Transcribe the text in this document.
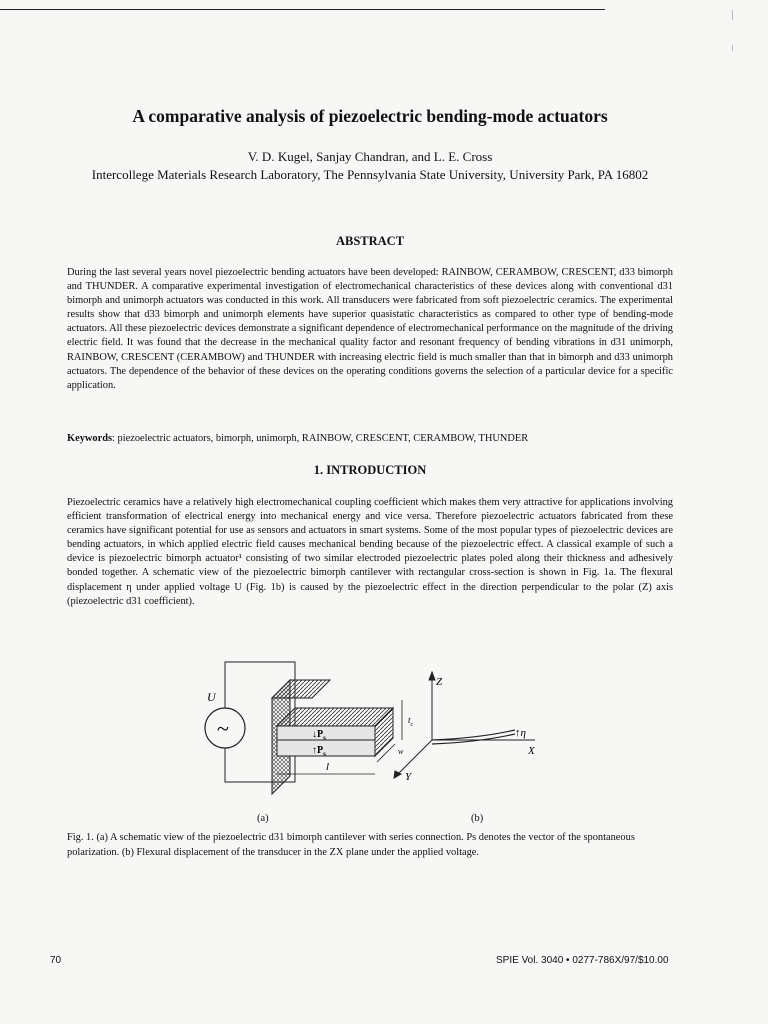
A comparative analysis of piezoelectric bending-mode actuators
V. D. Kugel, Sanjay Chandran, and L. E. Cross
Intercollege Materials Research Laboratory, The Pennsylvania State University, University Park, PA 16802
ABSTRACT
During the last several years novel piezoelectric bending actuators have been developed: RAINBOW, CERAMBOW, CRESCENT, d33 bimorph and THUNDER. A comparative experimental investigation of electromechanical characteristics of these devices along with conventional d31 bimorph and unimorph actuators was conducted in this work. All transducers were fabricated from soft piezoelectric ceramics. The experimental results show that d33 bimorph and unimorph elements have superior quasistatic characteristics as compared to other type of bending-mode actuators. All these piezoelectric devices demonstrate a significant dependence of electromechanical performance on the magnitude of the driving electric field. It was found that the decrease in the mechanical quality factor and resonant frequency of bending vibrations in d31 unimorph, RAINBOW, CRESCENT (CERAMBOW) and THUNDER with increasing electric field is much smaller than that in bimorph and d33 unimorph actuators. The dependence of the behavior of these devices on the operating conditions governs the selection of a particular device for a specific application.
Keywords: piezoelectric actuators, bimorph, unimorph, RAINBOW, CRESCENT, CERAMBOW, THUNDER
1. INTRODUCTION
Piezoelectric ceramics have a relatively high electromechanical coupling coefficient which makes them very attractive for applications involving efficient transformation of electrical energy into mechanical energy and vice versa. Therefore piezoelectric actuators fabricated from these ceramics have significant potential for use as sensors and actuators in smart systems. Some of the most popular types of piezoelectric devices are bending actuators, in which applied electric field causes mechanical bending because of the piezoelectric effect. A classical example of such a device is piezoelectric bimorph actuator¹ consisting of two similar electroded piezoelectric plates poled along their thickness and adhesively bonded together. A schematic view of the piezoelectric bimorph cantilever with rectangular cross-section is shown in Fig. 1a. The flexural displacement η under applied voltage U (Fig. 1b) is caused by the piezoelectric effect in the direction perpendicular to the polar (Z) axis (piezoelectric d31 coefficient).
~
U
$↓P_s$
$↑P_s$
$t_c$
w
l
Z
X
Y
↑η
(a)	(b)
Fig. 1. (a) A schematic view of the piezoelectric d31 bimorph cantilever with series connection. Ps denotes the vector of the spontaneous polarization. (b) Flexural displacement of the transducer in the ZX plane under the applied voltage.
70	SPIE Vol. 3040 • 0277-786X/97/$10.00
